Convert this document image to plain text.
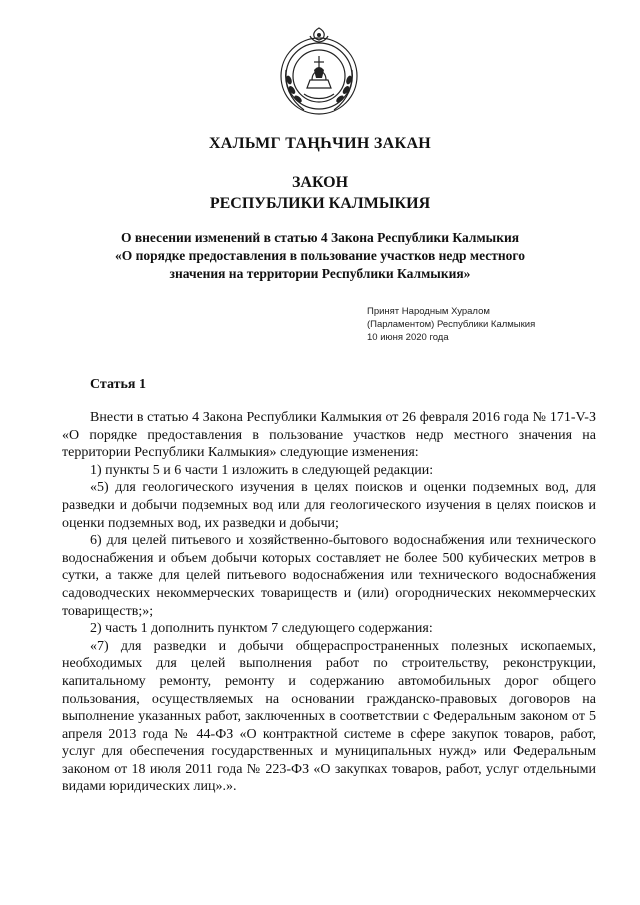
ХАЛЬМГ ТАҢҺЧИН ЗАКАН
ЗАКОН
РЕСПУБЛИКИ КАЛМЫКИЯ
О внесении изменений в статью 4 Закона Республики Калмыкия
«О порядке предоставления в пользование участков недр местного
значения на территории Республики Калмыкия»
Принят Народным Хуралом
(Парламентом) Республики Калмыкия
10 июня 2020 года
Статья 1

Внести в статью 4 Закона Республики Калмыкия от 26 февраля 2016 года № 171-V-З «О порядке предоставления в пользование участков недр местного значения на территории Республики Калмыкия» следующие изменения:

1) пункты 5 и 6 части 1 изложить в следующей редакции:

«5) для геологического изучения в целях поисков и оценки подземных вод, для разведки и добычи подземных вод или для геологического изучения в целях поисков и оценки подземных вод, их разведки и добычи;

6) для целей питьевого и хозяйственно-бытового водоснабжения или технического водоснабжения и объем добычи которых составляет не более 500 кубических метров в сутки, а также для целей питьевого водоснабжения или технического водоснабжения садоводческих некоммерческих товариществ и (или) огороднических некоммерческих товариществ;»;

2) часть 1 дополнить пунктом 7 следующего содержания:

«7) для разведки и добычи общераспространенных полезных ископаемых, необходимых для целей выполнения работ по строительству, реконструкции, капитальному ремонту, ремонту и содержанию автомобильных дорог общего пользования, осуществляемых на основании гражданско-правовых договоров на выполнение указанных работ, заключенных в соответствии с Федеральным законом от 5 апреля 2013 года № 44-ФЗ «О контрактной системе в сфере закупок товаров, работ, услуг для обеспечения государственных и муниципальных нужд» или Федеральным законом от 18 июля 2011 года № 223-ФЗ «О закупках товаров, работ, услуг отдельными видами юридических лиц».».
